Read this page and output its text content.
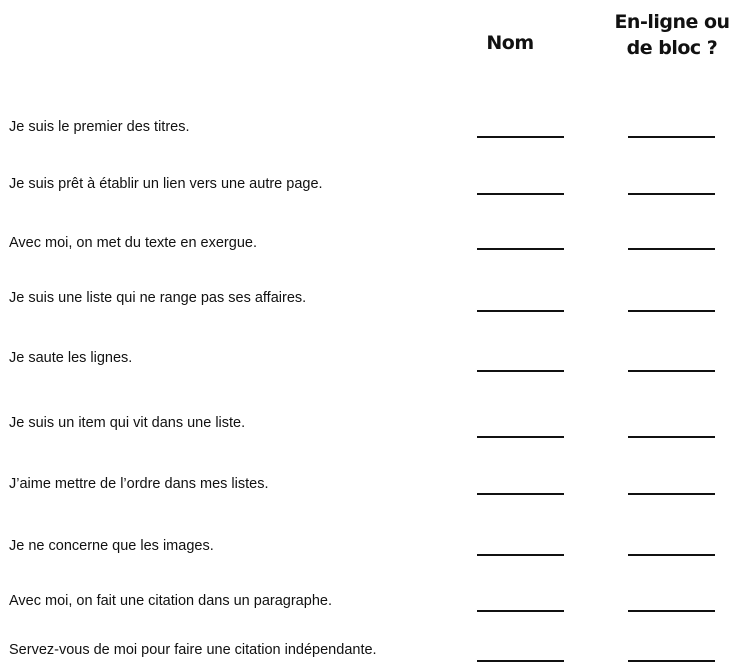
Nom
En-ligne ou
de bloc ?
Je suis le premier des titres.
Je suis prêt à établir un lien vers une autre page.
Avec moi, on met du texte en exergue.
Je suis une liste qui ne range pas ses affaires.
Je saute les lignes.
Je suis un item qui vit dans une liste.
J’aime mettre de l’ordre dans mes listes.
Je ne concerne que les images.
Avec moi, on fait une citation dans un paragraphe.
Servez-vous de moi pour faire une citation indépendante.
